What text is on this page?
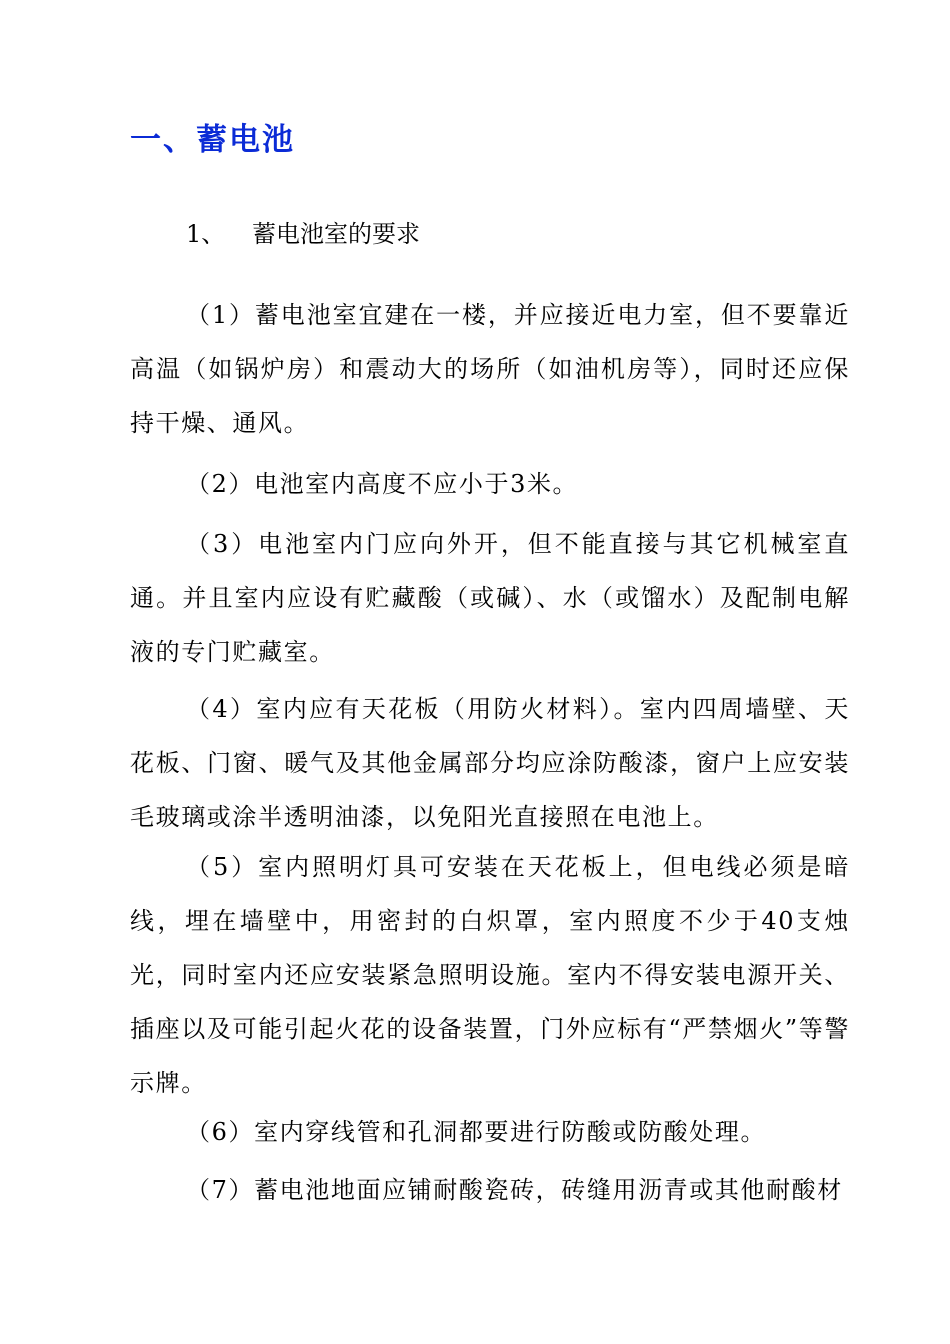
一、蓄电池
1、 蓄电池室的要求

（1）蓄电池室宜建在一楼，并应接近电力室，但不要靠近高温（如锅炉房）和震动大的场所（如油机房等），同时还应保持干燥、通风。

（2）电池室内高度不应小于3米。

（3）电池室内门应向外开，但不能直接与其它机械室直通。并且室内应设有贮藏酸（或碱）、水（或馏水）及配制电解液的专门贮藏室。

（4）室内应有天花板（用防火材料）。室内四周墙壁、天花板、门窗、暖气及其他金属部分均应涂防酸漆，窗户上应安装毛玻璃或涂半透明油漆，以免阳光直接照在电池上。

（5）室内照明灯具可安装在天花板上，但电线必须是暗线，埋在墙壁中，用密封的白炽罩，室内照度不少于40支烛光，同时室内还应安装紧急照明设施。室内不得安装电源开关、插座以及可能引起火花的设备装置，门外应标有“严禁烟火”等警示牌。

（6）室内穿线管和孔洞都要进行防酸或防酸处理。

（7）蓄电池地面应铺耐酸瓷砖，砖缝用沥青或其他耐酸材
